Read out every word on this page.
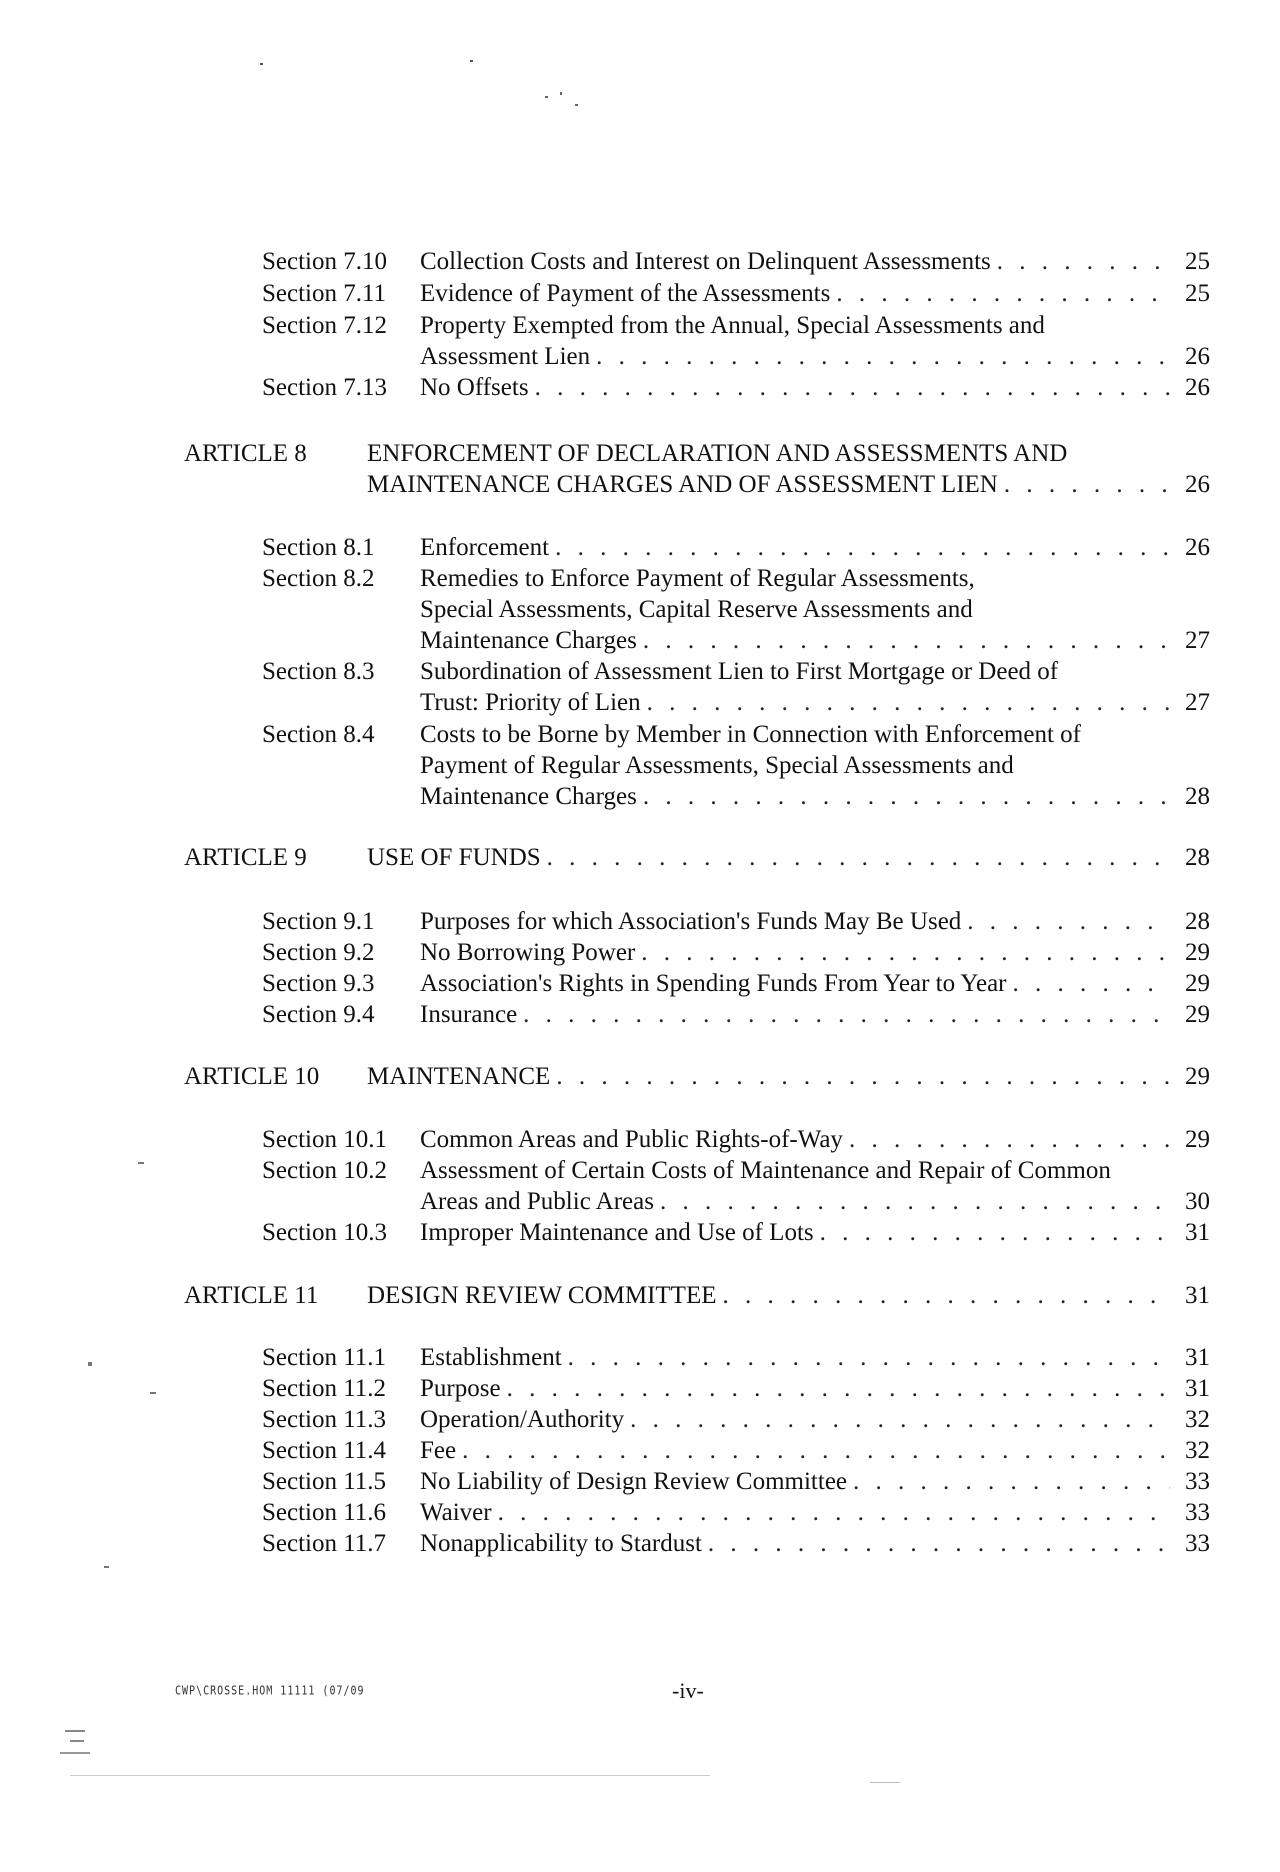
Section 7.10	Collection Costs and Interest on Delinquent Assessments . . .	25
Section 7.11	Evidence of Payment of the Assessments . . .	25
Section 7.12	Property Exempted from the Annual, Special Assessments and
Assessment Lien . . .	26
Section 7.13	No Offsets . . .	26
ARTICLE 8	ENFORCEMENT OF DECLARATION AND ASSESSMENTS AND
MAINTENANCE CHARGES AND OF ASSESSMENT LIEN . . .	26
Section 8.1	Enforcement . . .	26
Section 8.2	Remedies to Enforce Payment of Regular Assessments,
Special Assessments, Capital Reserve Assessments and
Maintenance Charges . . .	27
Section 8.3	Subordination of Assessment Lien to First Mortgage or Deed of
Trust: Priority of Lien . . .	27
Section 8.4	Costs to be Borne by Member in Connection with Enforcement of
Payment of Regular Assessments, Special Assessments and
Maintenance Charges . . .	28
ARTICLE 9	USE OF FUNDS . . .	28
Section 9.1	Purposes for which Association's Funds May Be Used . . .	28
Section 9.2	No Borrowing Power . . .	29
Section 9.3	Association's Rights in Spending Funds From Year to Year . . .	29
Section 9.4	Insurance . . .	29
ARTICLE 10	MAINTENANCE . . .	29
Section 10.1	Common Areas and Public Rights-of-Way . . .	29
Section 10.2	Assessment of Certain Costs of Maintenance and Repair of Common
Areas and Public Areas . . .	30
Section 10.3	Improper Maintenance and Use of Lots . . .	31
ARTICLE 11	DESIGN REVIEW COMMITTEE . . .	31
Section 11.1	Establishment . . .	31
Section 11.2	Purpose . . .	31
Section 11.3	Operation/Authority . . .	32
Section 11.4	Fee . . .	32
Section 11.5	No Liability of Design Review Committee . . .	33
Section 11.6	Waiver . . .	33
Section 11.7	Nonapplicability to Stardust . . .	33
CWP\CROSSE.HOM 11111 (07/09	-iv-
